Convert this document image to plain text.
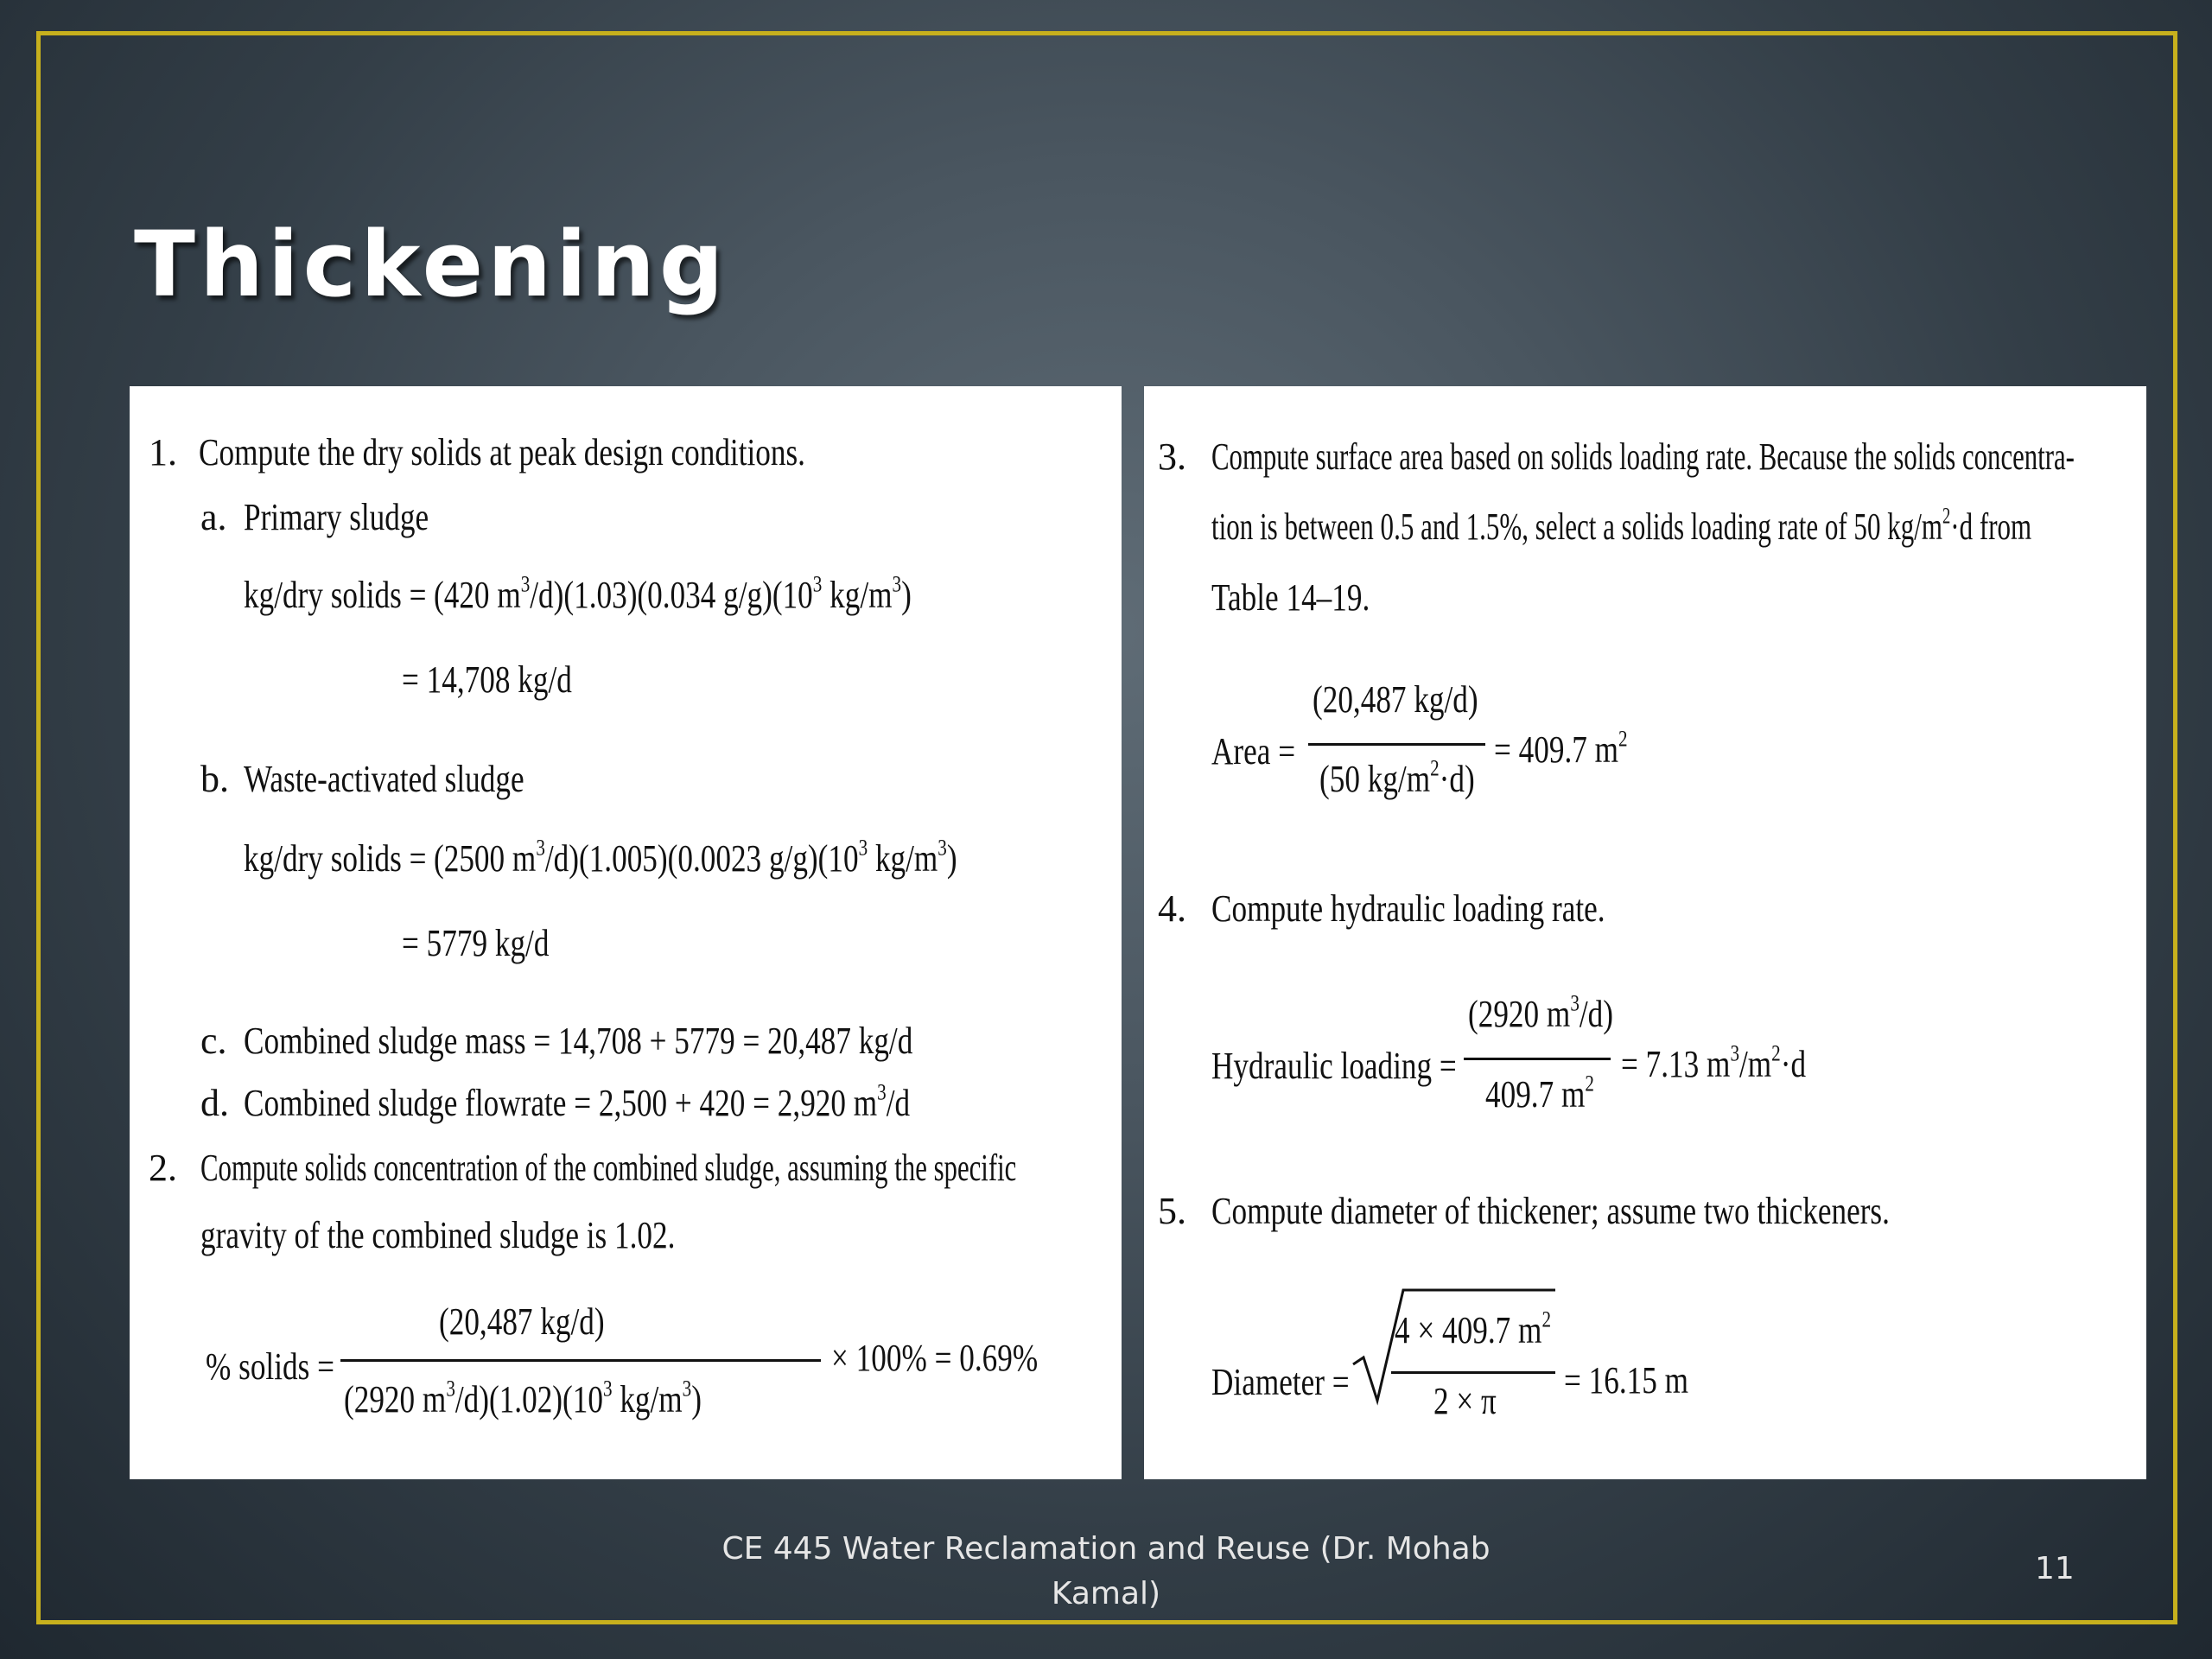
Thickening
1. Compute the dry solids at peak design conditions.
a. Primary sludge
kg/dry solids = (420 $m^3/d)(1.03)(0.034$ $g/g)(10^3$ $kg/m^3$)
= 14,708 kg/d
b. Waste-activated sludge
kg/dry solids = (2500 $m^3/d)(1.005)(0.0023$ $g/g)(10^3$ $kg/m^3$)
= 5779 kg/d
c. Combined sludge mass = 14,708 + 5779 = 20,487 kg/d
d. Combined sludge flowrate = 2,500 + 420 = 2,920 $m^3/d$
2. Compute solids concentration of the combined sludge, assuming the specific
gravity of the combined sludge is 1.02.
% solids =
(20,487 kg/d)
(2920 $m^3/d)(1.02)(10^3$ $kg/m^3$)
× 100% = 0.69%
3. Compute surface area based on solids loading rate. Because the solids concentra-
tion is between 0.5 and 1.5%, select a solids loading rate of 50 $kg/m^2\cdot d$ from
Table 14–19.
Area =
(20,487 kg/d)
(50 $kg/m^2\cdot d$)
= 409.7 $m^2$
4. Compute hydraulic loading rate.
Hydraulic loading =
(2920 $m^3/d$)
409.7 $m^2 = 7.13$ $m^3/m^2\cdot d$
5. Compute diameter of thickener; assume two thickeners.
Diameter =
4 × 409.7 $m^2$
2 × π = 16.15 m
CE 445 Water Reclamation and Reuse (Dr. Mohab Kamal)
11
